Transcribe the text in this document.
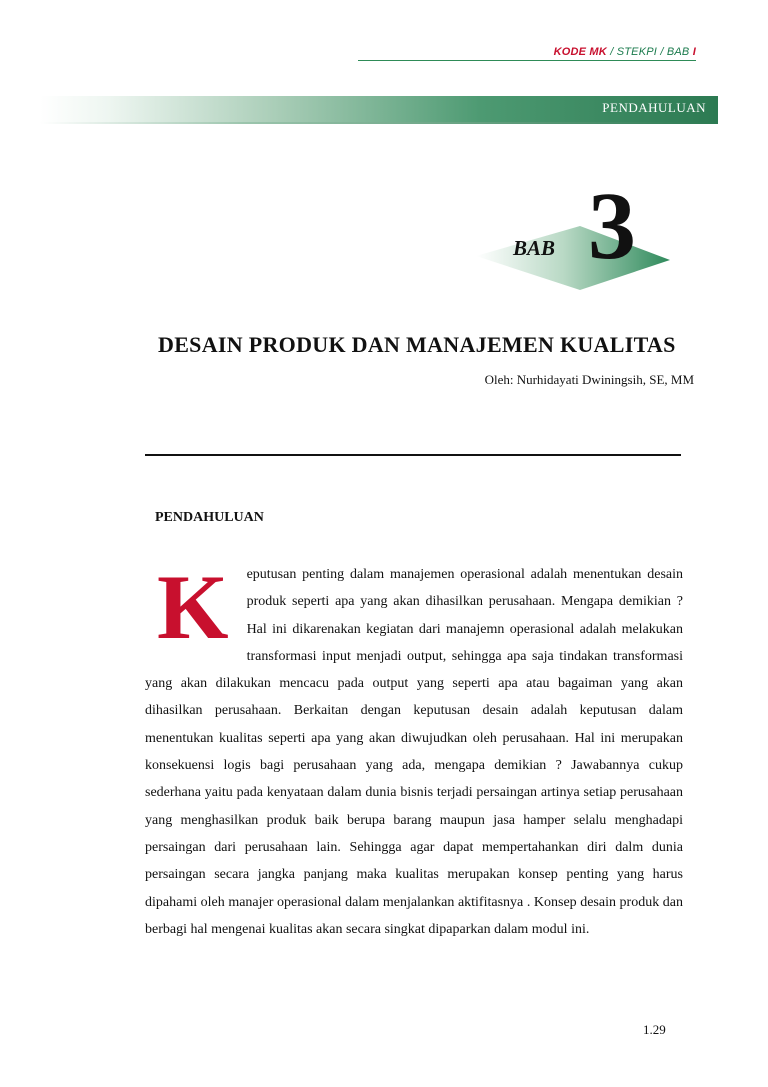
KODE MK / STEKPI / BAB I
PENDAHULUAN
BAB 3
DESAIN PRODUK DAN MANAJEMEN KUALITAS
Oleh: Nurhidayati Dwiningsih, SE, MM
PENDAHULUAN

K eputusan penting dalam manajemen operasional adalah menentukan desain produk seperti apa yang akan dihasilkan perusahaan. Mengapa demikian ? Hal ini dikarenakan kegiatan dari manajemn operasional adalah melakukan transformasi input menjadi output, sehingga apa saja tindakan transformasi yang akan dilakukan mencacu pada output yang seperti apa atau bagaiman yang akan dihasilkan perusahaan. Berkaitan dengan keputusan desain adalah keputusan dalam menentukan kualitas seperti apa yang akan diwujudkan oleh perusahaan. Hal ini merupakan konsekuensi logis bagi perusahaan yang ada, mengapa demikian ? Jawabannya cukup sederhana yaitu pada kenyataan dalam dunia bisnis terjadi persaingan artinya setiap perusahaan yang menghasilkan produk baik berupa barang maupun jasa hamper selalu menghadapi persaingan dari perusahaan lain. Sehingga agar dapat mempertahankan diri dalm dunia persaingan secara jangka panjang maka kualitas merupakan konsep penting yang harus dipahami oleh manajer operasional dalam menjalankan aktifitasnya . Konsep desain produk dan berbagi hal mengenai kualitas akan secara singkat dipaparkan dalam modul ini.

1.29
